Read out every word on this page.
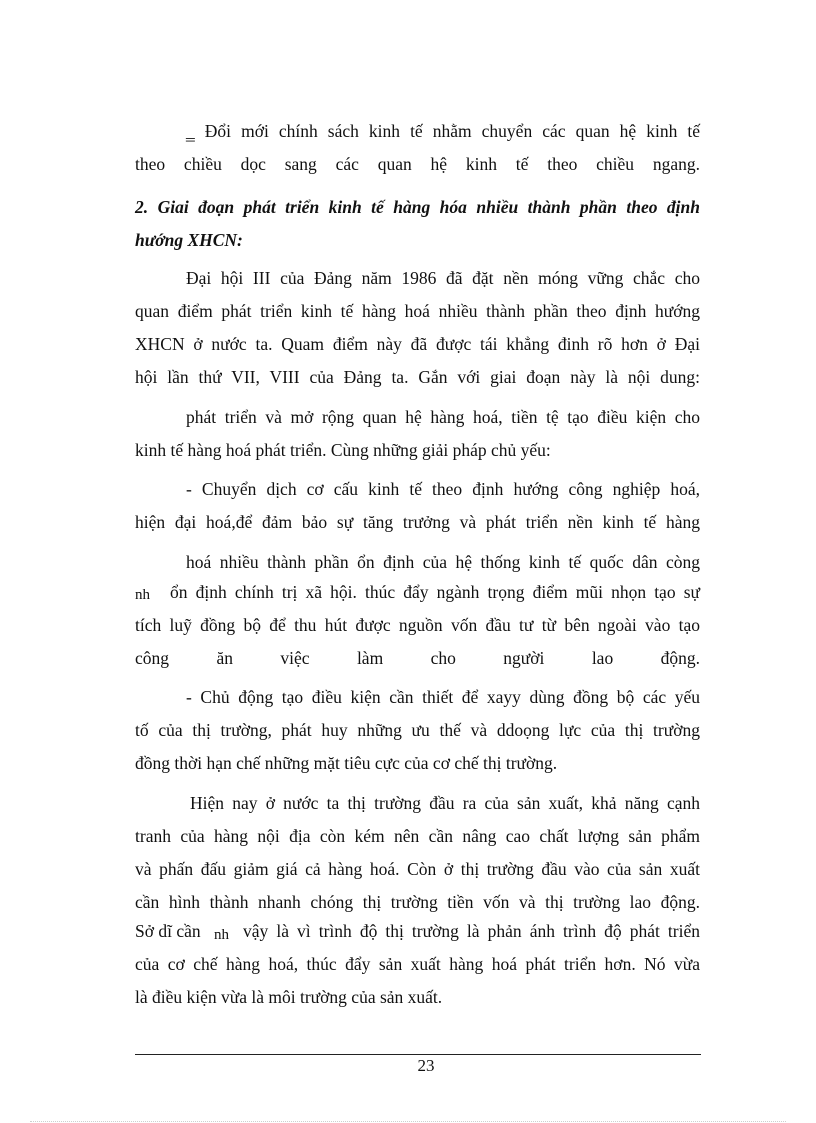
‗ Đổi mới chính sách kinh tế nhằm chuyển các quan hệ kinh tế
theo chiều dọc sang các quan hệ kinh tế theo chiều ngang.
2. Giai đoạn phát triển kinh tế hàng hóa nhiều thành phần theo định
hướng XHCN:
Đại hội III của Đảng năm 1986 đã đặt nền móng vững chắc cho
quan điểm phát triển kinh tế hàng hoá nhiều thành phần theo định hướng
XHCN ở nước ta. Quam điểm này đã được tái khẳng đinh rõ hơn ở Đại
hội lần thứ VII, VIII của Đảng ta. Gắn với giai đoạn này là nội dung:
phát triển và mở rộng quan hệ hàng hoá, tiền tệ tạo điều kiện cho
kinh tế hàng hoá phát triển. Cùng những giải pháp chủ yếu:
- Chuyển dịch cơ cấu kinh tế theo định hướng công nghiệp hoá,
hiện đại hoá,để đảm bảo sự tăng trưởng và phát triển nền kinh tế hàng
hoá nhiều thành phần ổn định của hệ thống kinh tế quốc dân còng
nh ổn định chính trị xã hội. thúc đẩy ngành trọng điểm mũi nhọn tạo sự
tích luỹ đồng bộ để thu hút được nguồn vốn đầu tư từ bên ngoài vào tạo
công ăn việc làm cho người lao động.
- Chủ động tạo điều kiện cần thiết để xayy dùng đồng bộ các yếu
tố của thị trường, phát huy những ưu thế và ddoọng lực của thị trường
đồng thời hạn chế những mặt tiêu cực của cơ chế thị trường.
Hiện nay ở nước ta thị trường đầu ra của sản xuất, khả năng cạnh
tranh của hàng nội địa còn kém nên cần nâng cao chất lượng sản phẩm
và phấn đấu giảm giá cả hàng hoá. Còn ở thị trường đầu vào của sản xuất
cần hình thành nhanh chóng thị trường tiền vốn và thị trường lao động.
Sở dĩ cần nh vậy là vì trình độ thị trường là phản ánh trình độ phát triển
của cơ chế hàng hoá, thúc đẩy sản xuất hàng hoá phát triển hơn. Nó vừa
là điều kiện vừa là môi trường của sản xuất.
23
